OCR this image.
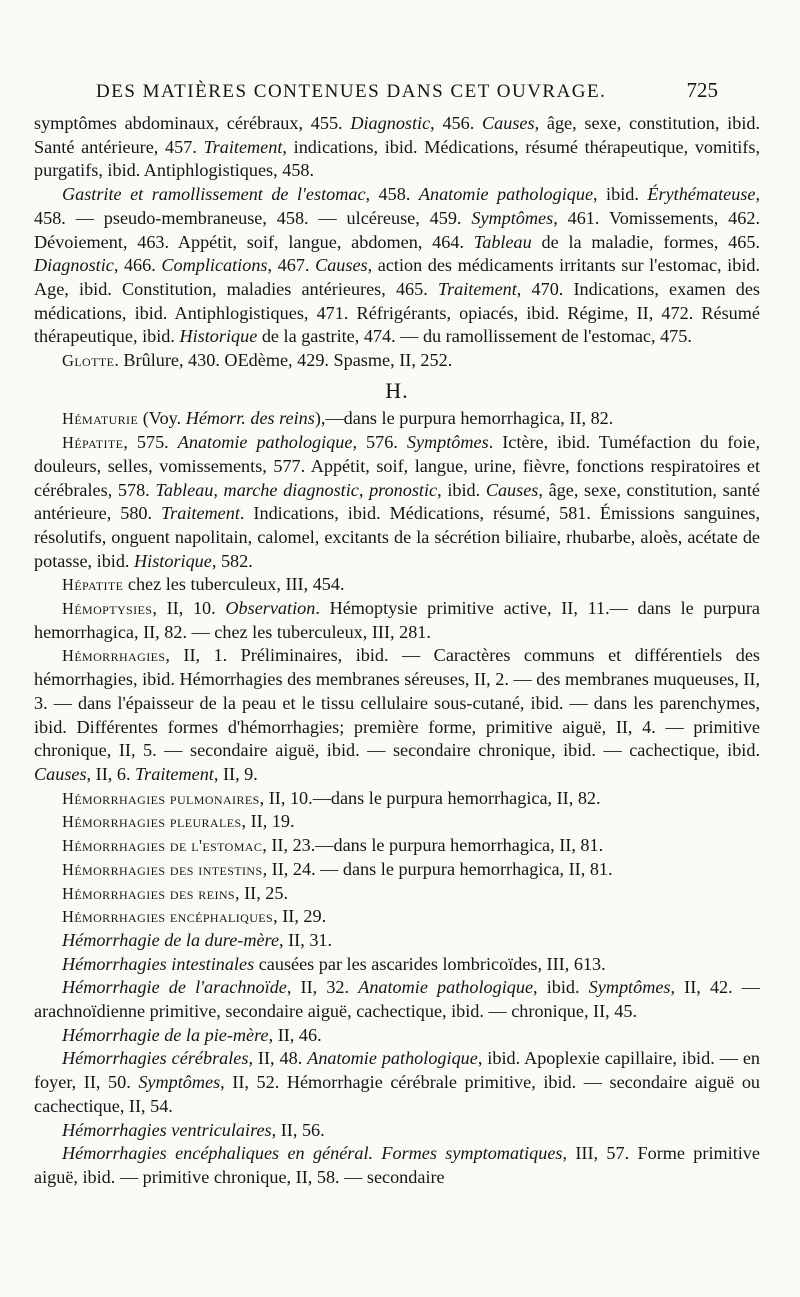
DES MATIÈRES CONTENUES DANS CET OUVRAGE.	725

symptômes abdominaux, cérébraux, 455. Diagnostic, 456. Causes, âge, sexe, constitution, ibid. Santé antérieure, 457. Traitement, indications, ibid. Médications, résumé thérapeutique, vomitifs, purgatifs, ibid. Antiphlogistiques, 458.

Gastrite et ramollissement de l'estomac, 458. Anatomie pathologique, ibid. Érythémateuse, 458. — pseudo-membraneuse, 458. — ulcéreuse, 459. Symptômes, 461. Vomissements, 462. Dévoiement, 463. Appétit, soif, langue, abdomen, 464. Tableau de la maladie, formes, 465. Diagnostic, 466. Complications, 467. Causes, action des médicaments irritants sur l'estomac, ibid. Age, ibid. Constitution, maladies antérieures, 465. Traitement, 470. Indications, examen des médications, ibid. Antiphlogistiques, 471. Réfrigérants, opiacés, ibid. Régime, II, 472. Résumé thérapeutique, ibid. Historique de la gastrite, 474. — du ramollissement de l'estomac, 475.

Glotte. Brûlure, 430. OEdème, 429. Spasme, II, 252.

H.

Hématurie (Voy. Hémorr. des reins),—dans le purpura hemorrhagica, II, 82.

Hépatite, 575. Anatomie pathologique, 576. Symptômes. Ictère, ibid. Tuméfaction du foie, douleurs, selles, vomissements, 577. Appétit, soif, langue, urine, fièvre, fonctions respiratoires et cérébrales, 578. Tableau, marche diagnostic, pronostic, ibid. Causes, âge, sexe, constitution, santé antérieure, 580. Traitement. Indications, ibid. Médications, résumé, 581. Émissions sanguines, résolutifs, onguent napolitain, calomel, excitants de la sécrétion biliaire, rhubarbe, aloès, acétate de potasse, ibid. Historique, 582.

Hépatite chez les tuberculeux, III, 454.

Hémoptysies, II, 10. Observation. Hémoptysie primitive active, II, 11.— dans le purpura hemorrhagica, II, 82. — chez les tuberculeux, III, 281.

Hémorrhagies, II, 1. Préliminaires, ibid. — Caractères communs et différentiels des hémorrhagies, ibid. Hémorrhagies des membranes séreuses, II, 2. — des membranes muqueuses, II, 3. — dans l'épaisseur de la peau et le tissu cellulaire sous-cutané, ibid. — dans les parenchymes, ibid. Différentes formes d'hémorrhagies; première forme, primitive aiguë, II, 4. — primitive chronique, II, 5. — secondaire aiguë, ibid. — secondaire chronique, ibid. — cachectique, ibid. Causes, II, 6. Traitement, II, 9.

Hémorrhagies pulmonaires, II, 10.—dans le purpura hemorrhagica, II, 82.

Hémorrhagies pleurales, II, 19.

Hémorrhagies de l'estomac, II, 23.—dans le purpura hemorrhagica, II, 81.

Hémorrhagies des intestins, II, 24. — dans le purpura hemorrhagica, II, 81.

Hémorrhagies des reins, II, 25.

Hémorrhagies encéphaliques, II, 29.

Hémorrhagie de la dure-mère, II, 31.

Hémorrhagies intestinales causées par les ascarides lombricoïdes, III, 613.

Hémorrhagie de l'arachnoïde, II, 32. Anatomie pathologique, ibid. Symptômes, II, 42. — arachnoïdienne primitive, secondaire aiguë, cachectique, ibid. — chronique, II, 45.

Hémorrhagie de la pie-mère, II, 46.

Hémorrhagies cérébrales, II, 48. Anatomie pathologique, ibid. Apoplexie capillaire, ibid. — en foyer, II, 50. Symptômes, II, 52. Hémorrhagie cérébrale primitive, ibid. — secondaire aiguë ou cachectique, II, 54.

Hémorrhagies ventriculaires, II, 56.

Hémorrhagies encéphaliques en général. Formes symptomatiques, III, 57. Forme primitive aiguë, ibid. — primitive chronique, II, 58. — secondaire
